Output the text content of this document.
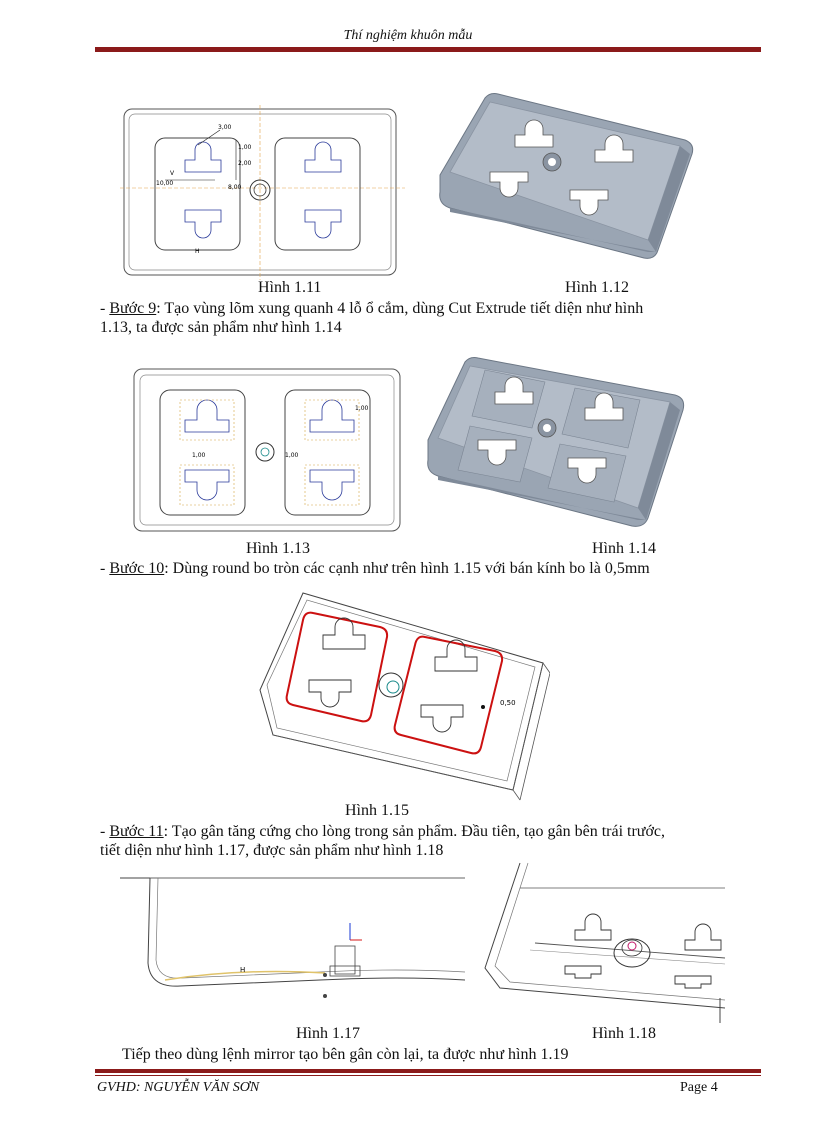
Thí nghiệm khuôn mẫu
3,00
1,00
2,00
8,00
10,00
V
H
Hình 1.11	Hình 1.12
- Bước 9: Tạo vùng lõm xung quanh 4 lỗ ổ cắm, dùng Cut Extrude tiết diện như hình
1.13, ta được sản phẩm như hình 1.14
1,00
1,00	1,00
Hình 1.13	Hình 1.14
- Bước 10: Dùng round bo tròn các cạnh như trên hình 1.15 với bán kính bo là 0,5mm
0,50
Hình 1.15
- Bước 11: Tạo gân tăng cứng cho lòng trong sản phẩm. Đầu tiên, tạo gân bên trái trước,
tiết diện như hình 1.17, được sản phẩm như hình 1.18
H
Hình 1.17	Hình 1.18
Tiếp theo dùng lệnh mirror tạo bên gân còn lại, ta được như hình 1.19
GVHD: NGUYỄN VĂN SƠN	Page 4
